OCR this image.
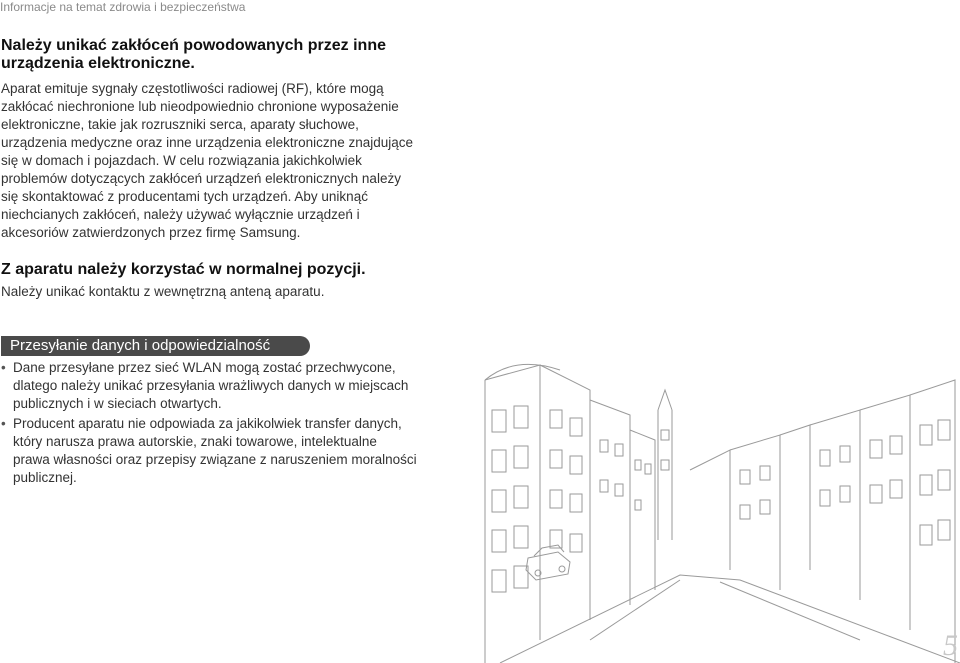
Informacje na temat zdrowia i bezpieczeństwa
Należy unikać zakłóceń powodowanych przez inne
urządzenia elektroniczne.

Aparat emituje sygnały częstotliwości radiowej (RF), które mogą
zakłócać niechronione lub nieodpowiednio chronione wyposażenie
elektroniczne, takie jak rozruszniki serca, aparaty słuchowe,
urządzenia medyczne oraz inne urządzenia elektroniczne znajdujące
się w domach i pojazdach. W celu rozwiązania jakichkolwiek
problemów dotyczących zakłóceń urządzeń elektronicznych należy
się skontaktować z producentami tych urządzeń. Aby uniknąć
niechcianych zakłóceń, należy używać wyłącznie urządzeń i
akcesoriów zatwierdzonych przez firmę Samsung.

Z aparatu należy korzystać w normalnej pozycji.

Należy unikać kontaktu z wewnętrzną anteną aparatu.

Przesyłanie danych i odpowiedzialność
• Dane przesyłane przez sieć WLAN mogą zostać przechwycone,
dlatego należy unikać przesyłania wrażliwych danych w miejscach
publicznych i w sieciach otwartych.
• Producent aparatu nie odpowiada za jakikolwiek transfer danych,
który narusza prawa autorskie, znaki towarowe, intelektualne
prawa własności oraz przepisy związane z naruszeniem moralności
publicznej.
5
